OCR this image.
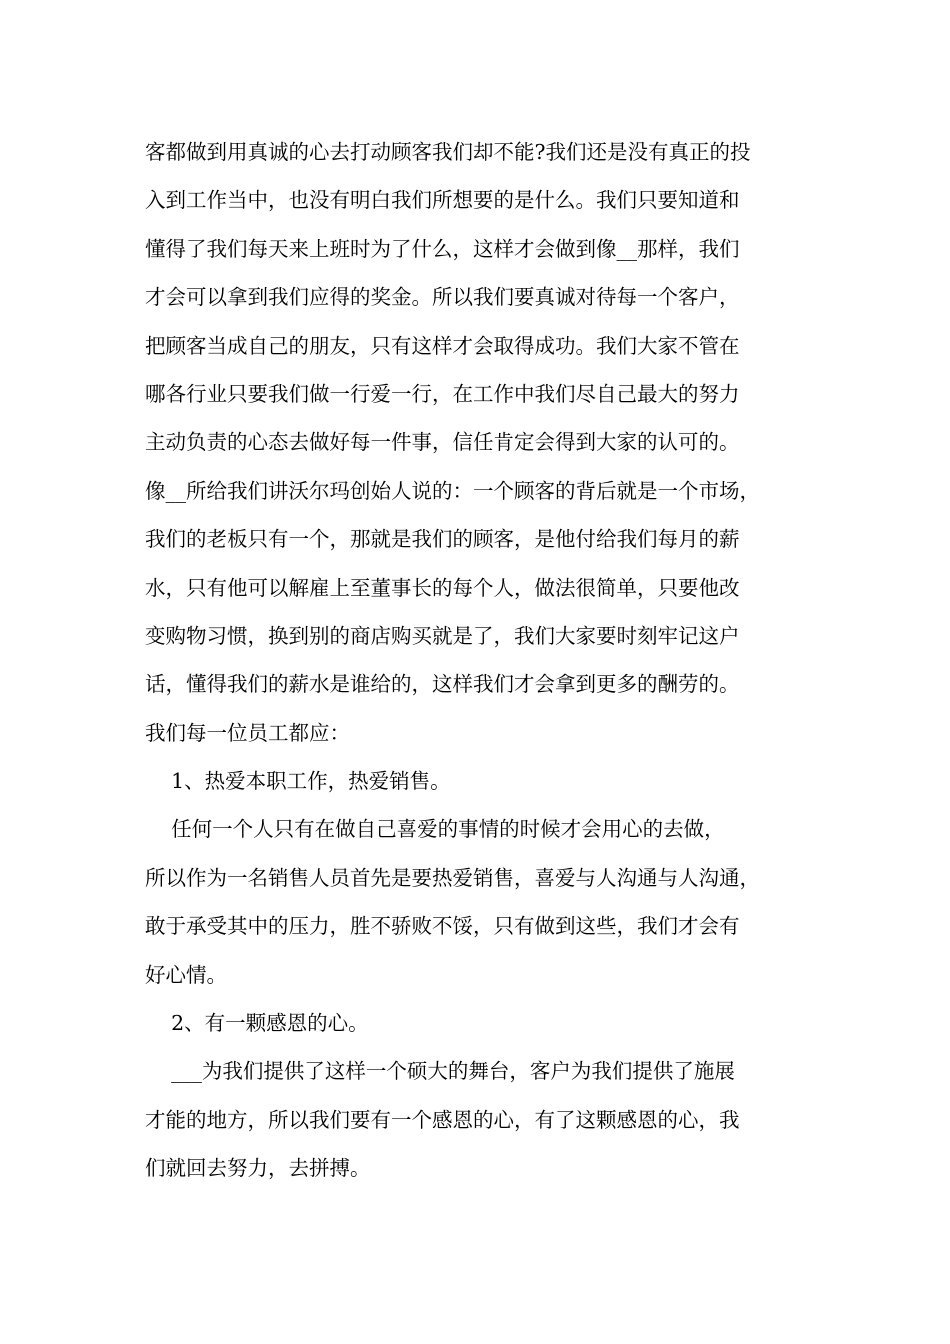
客都做到用真诚的心去打动顾客我们却不能?我们还是没有真正的投
入到工作当中，也没有明白我们所想要的是什么。我们只要知道和
懂得了我们每天来上班时为了什么，这样才会做到像__那样，我们
才会可以拿到我们应得的奖金。所以我们要真诚对待每一个客户，
把顾客当成自己的朋友，只有这样才会取得成功。我们大家不管在
哪各行业只要我们做一行爱一行，在工作中我们尽自己最大的努力
主动负责的心态去做好每一件事，信任肯定会得到大家的认可的。
像__所给我们讲沃尔玛创始人说的：一个顾客的背后就是一个市场，
我们的老板只有一个，那就是我们的顾客，是他付给我们每月的薪
水，只有他可以解雇上至董事长的每个人，做法很简单，只要他改
变购物习惯，换到别的商店购买就是了，我们大家要时刻牢记这户
话，懂得我们的薪水是谁给的，这样我们才会拿到更多的酬劳的。
我们每一位员工都应：
1、热爱本职工作，热爱销售。
任何一个人只有在做自己喜爱的事情的时候才会用心的去做，
所以作为一名销售人员首先是要热爱销售，喜爱与人沟通与人沟通，
敢于承受其中的压力，胜不骄败不馁，只有做到这些，我们才会有
好心情。
2、有一颗感恩的心。
___为我们提供了这样一个硕大的舞台，客户为我们提供了施展
才能的地方，所以我们要有一个感恩的心，有了这颗感恩的心，我
们就回去努力，去拼搏。
